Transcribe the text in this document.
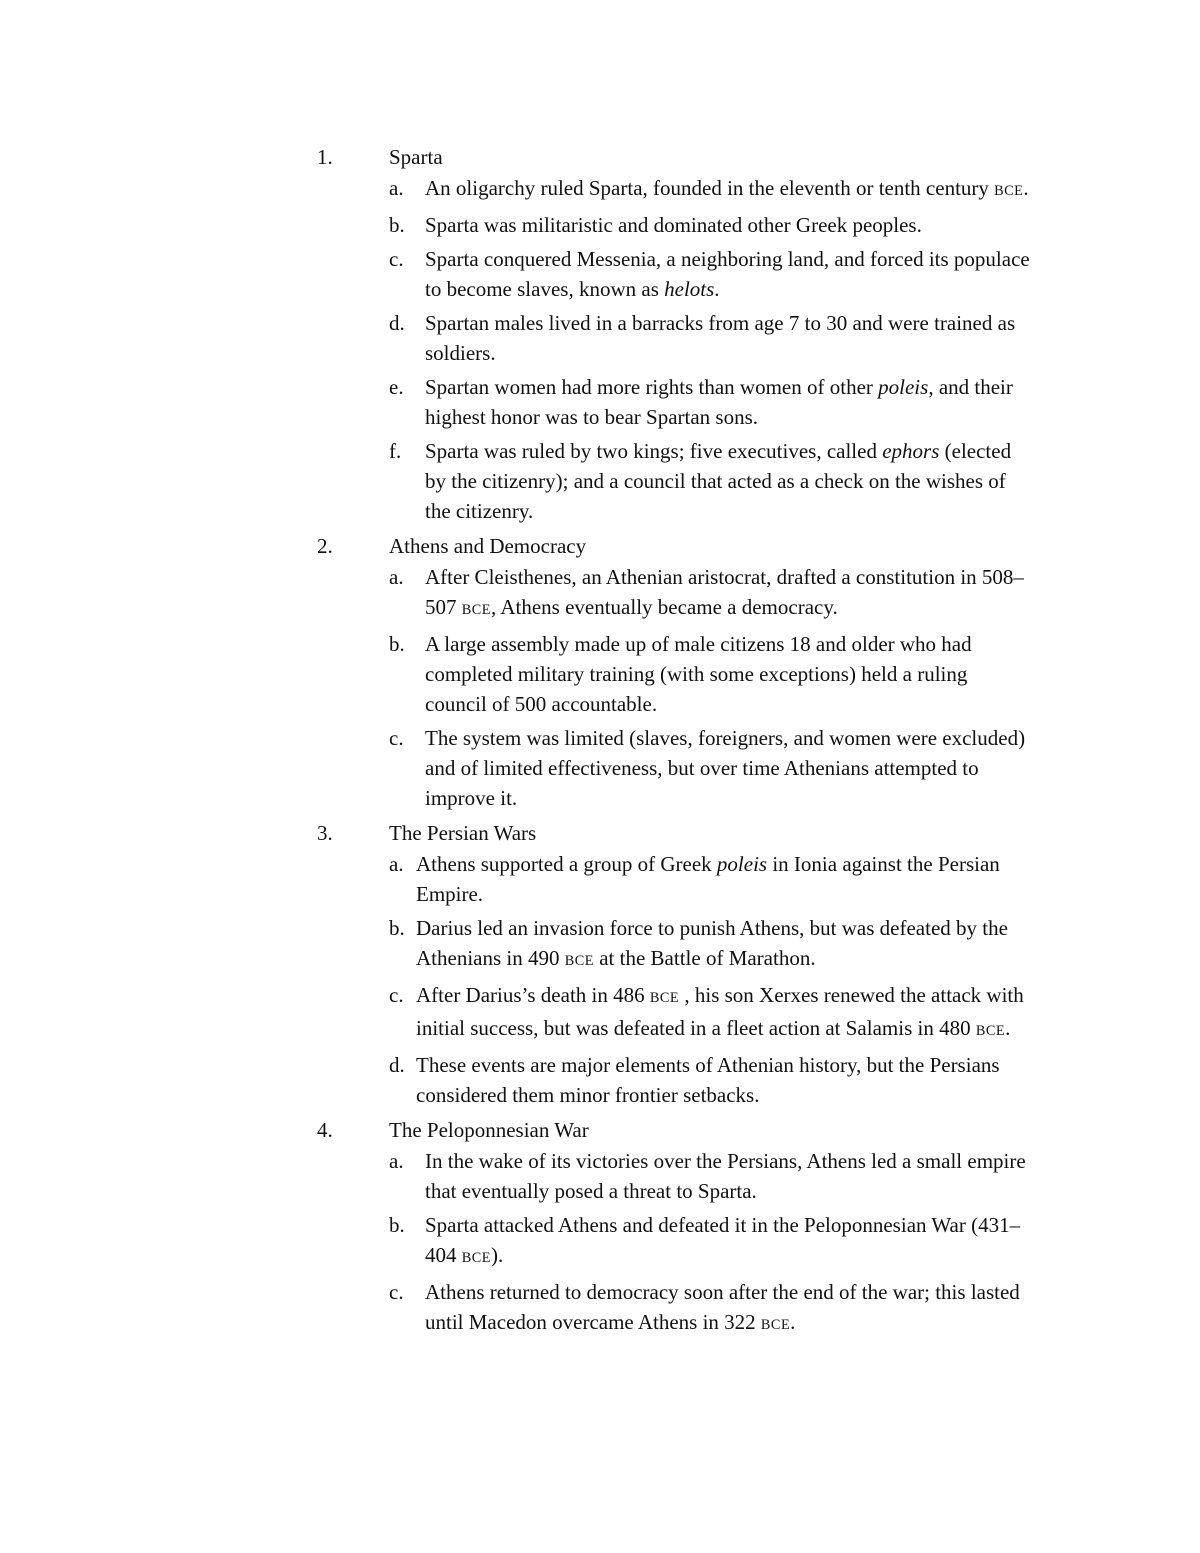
1.	Sparta
a. An oligarchy ruled Sparta, founded in the eleventh or tenth century BCE.
b. Sparta was militaristic and dominated other Greek peoples.
c. Sparta conquered Messenia, a neighboring land, and forced its populace to become slaves, known as helots.
d. Spartan males lived in a barracks from age 7 to 30 and were trained as soldiers.
e. Spartan women had more rights than women of other poleis, and their highest honor was to bear Spartan sons.
f. Sparta was ruled by two kings; five executives, called ephors (elected by the citizenry); and a council that acted as a check on the wishes of the citizenry.
2.	Athens and Democracy
a. After Cleisthenes, an Athenian aristocrat, drafted a constitution in 508–507 BCE, Athens eventually became a democracy.
b. A large assembly made up of male citizens 18 and older who had completed military training (with some exceptions) held a ruling council of 500 accountable.
c. The system was limited (slaves, foreigners, and women were excluded) and of limited effectiveness, but over time Athenians attempted to improve it.
3.	The Persian Wars
a. Athens supported a group of Greek poleis in Ionia against the Persian Empire.
b. Darius led an invasion force to punish Athens, but was defeated by the Athenians in 490 BCE at the Battle of Marathon.
c. After Darius’s death in 486 BCE , his son Xerxes renewed the attack with initial success, but was defeated in a fleet action at Salamis in 480 BCE.
d. These events are major elements of Athenian history, but the Persians considered them minor frontier setbacks.
4.	The Peloponnesian War
a. In the wake of its victories over the Persians, Athens led a small empire that eventually posed a threat to Sparta.
b. Sparta attacked Athens and defeated it in the Peloponnesian War (431–404 BCE).
c. Athens returned to democracy soon after the end of the war; this lasted until Macedon overcame Athens in 322 BCE.
